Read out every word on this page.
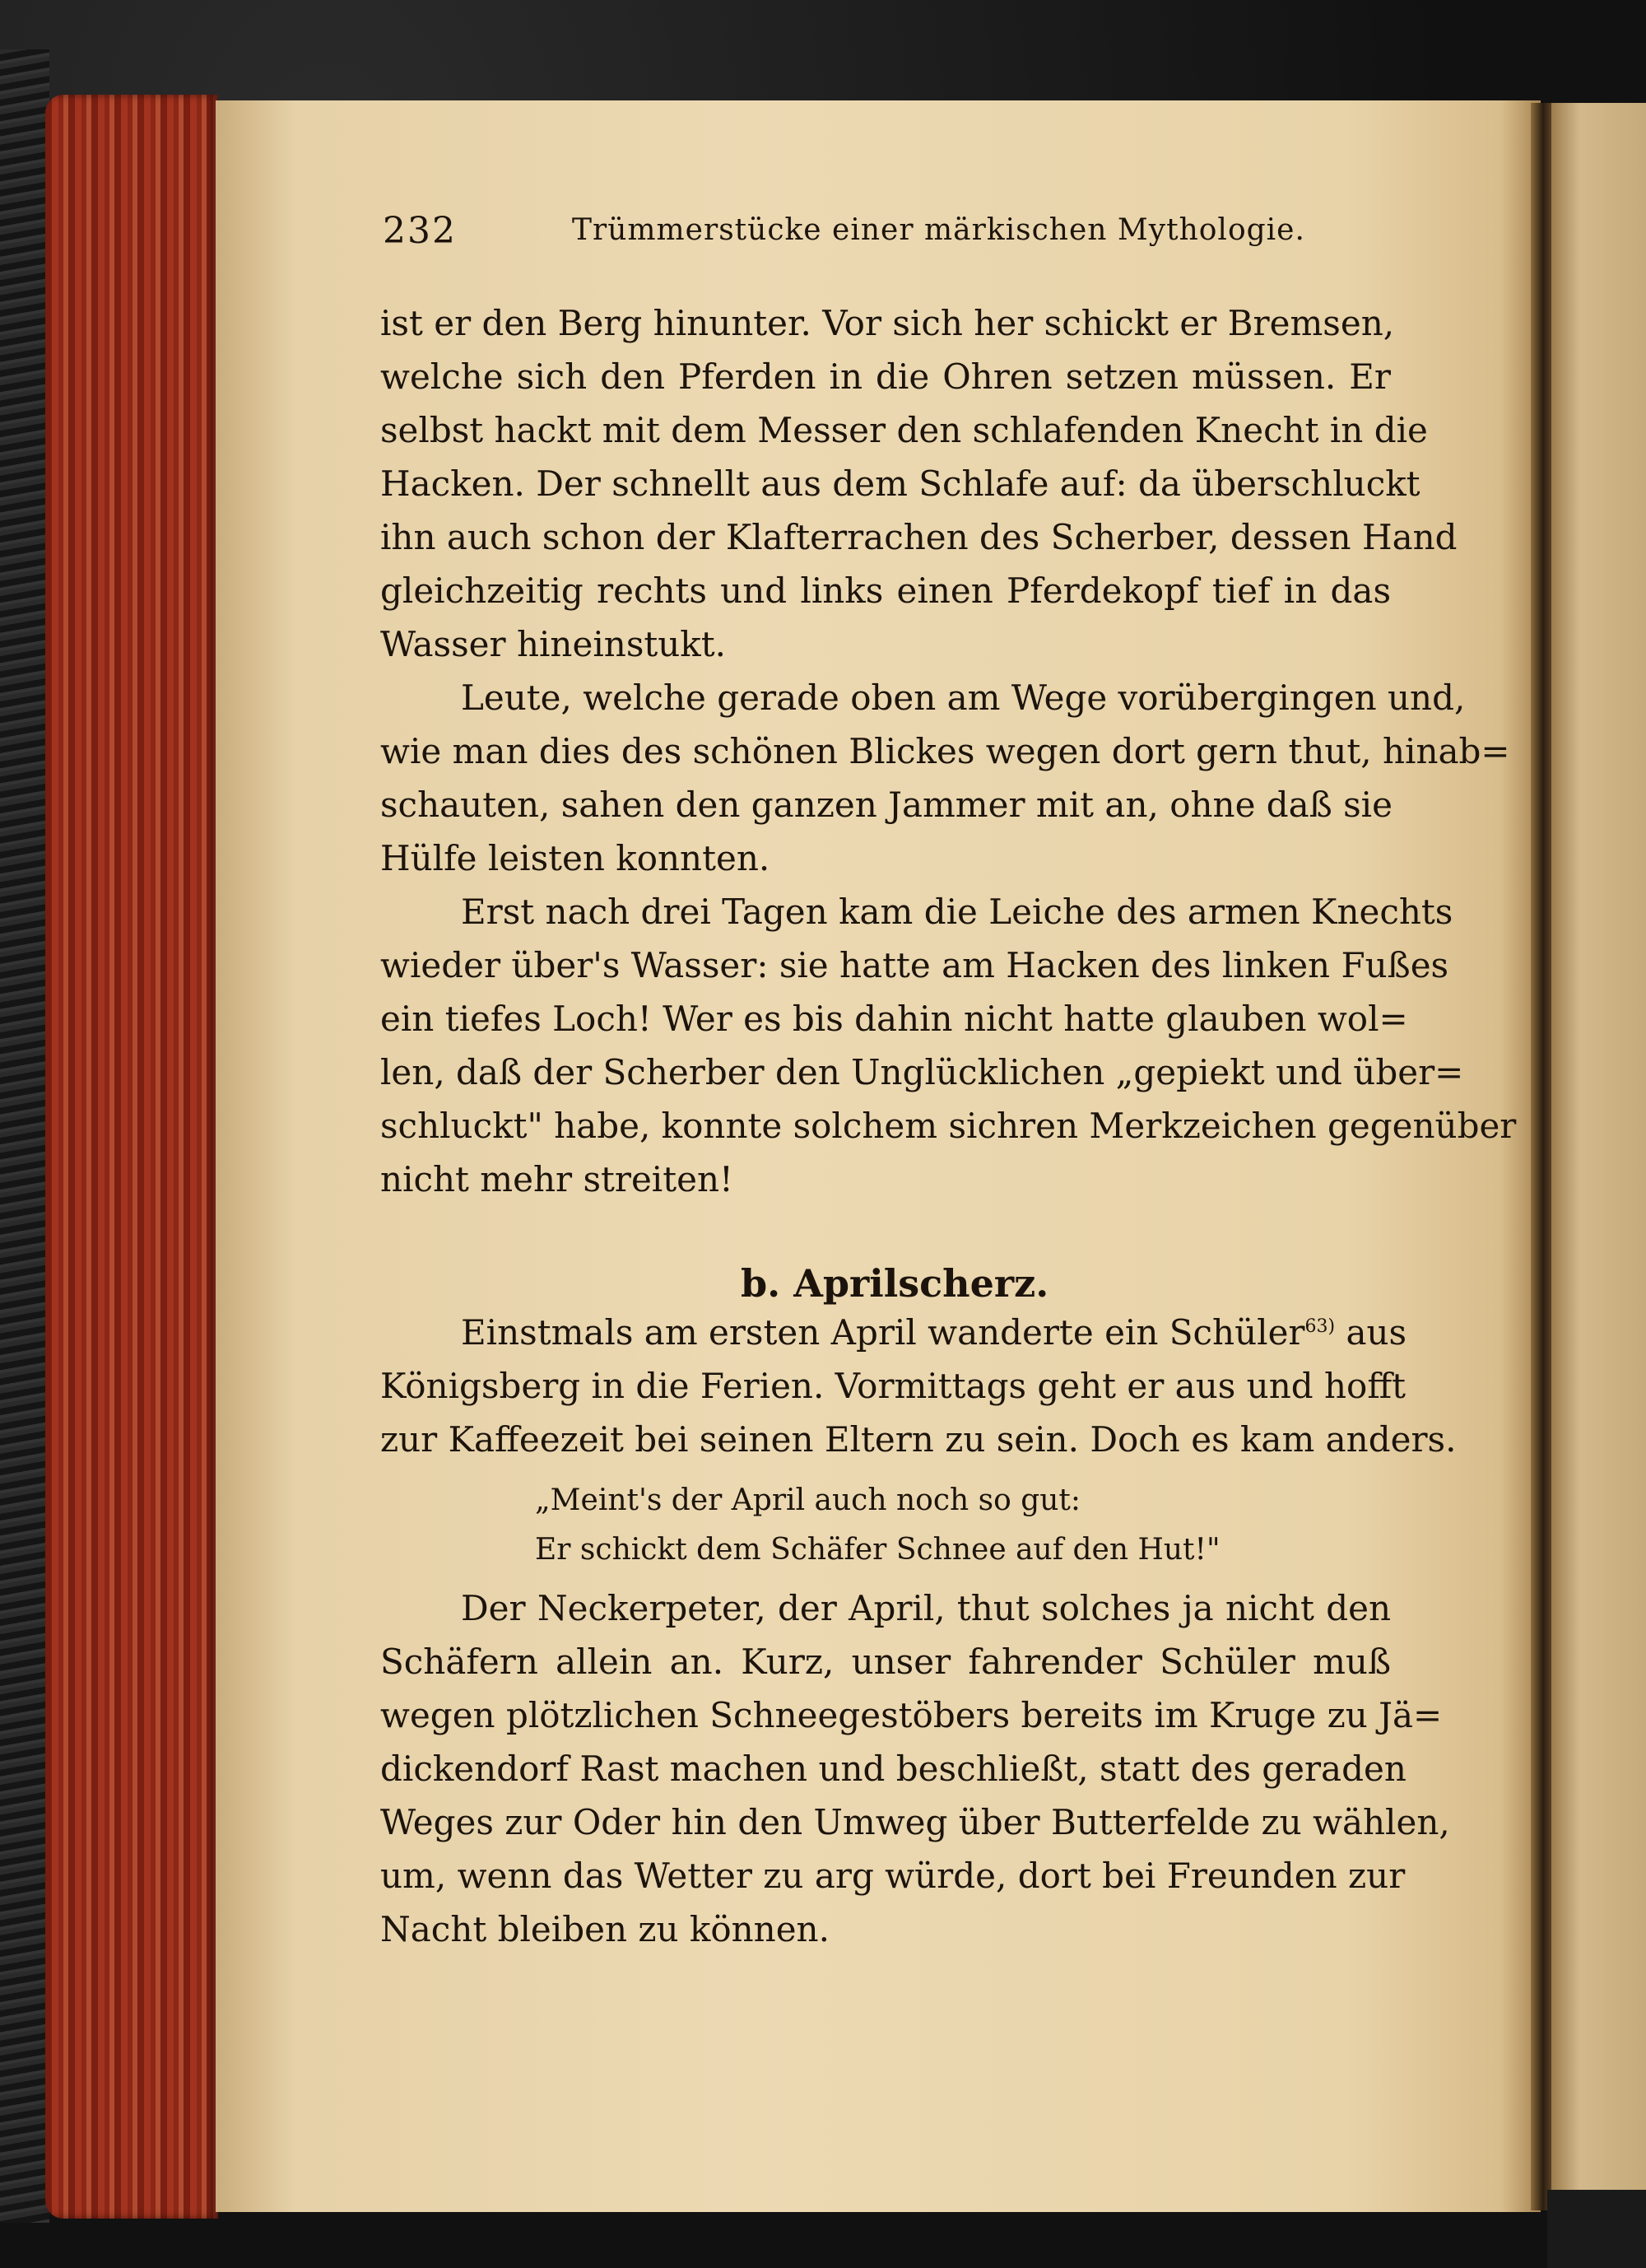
232	Trümmerstücke einer märkischen Mythologie.
ist er den Berg hinunter. Vor sich her schickt er Bremsen,
welche sich den Pferden in die Ohren setzen müssen. Er
selbst hackt mit dem Messer den schlafenden Knecht in die
Hacken. Der schnellt aus dem Schlafe auf: da überschluckt
ihn auch schon der Klafterrachen des Scherber, dessen Hand
gleichzeitig rechts und links einen Pferdekopf tief in das
Wasser hineinstukt.
Leute, welche gerade oben am Wege vorübergingen und,
wie man dies des schönen Blickes wegen dort gern thut, hinab=
schauten, sahen den ganzen Jammer mit an, ohne daß sie
Hülfe leisten konnten.
Erst nach drei Tagen kam die Leiche des armen Knechts
wieder über's Wasser: sie hatte am Hacken des linken Fußes
ein tiefes Loch! Wer es bis dahin nicht hatte glauben wol=
len, daß der Scherber den Unglücklichen „gepiekt und über=
schluckt" habe, konnte solchem sichren Merkzeichen gegenüber
nicht mehr streiten!
b. Aprilscherz.
Einstmals am ersten April wanderte ein Schüler$^{63)}$ aus
Königsberg in die Ferien. Vormittags geht er aus und hofft
zur Kaffeezeit bei seinen Eltern zu sein. Doch es kam anders.
„Meint's der April auch noch so gut:
Er schickt dem Schäfer Schnee auf den Hut!"
Der Neckerpeter, der April, thut solches ja nicht den
Schäfern allein an. Kurz, unser fahrender Schüler muß
wegen plötzlichen Schneegestöbers bereits im Kruge zu Jä=
dickendorf Rast machen und beschließt, statt des geraden
Weges zur Oder hin den Umweg über Butterfelde zu wählen,
um, wenn das Wetter zu arg würde, dort bei Freunden zur
Nacht bleiben zu können.
